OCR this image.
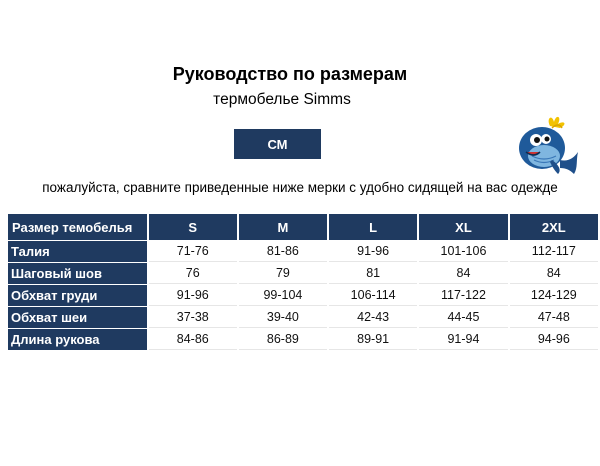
Руководство по размерам
термобелье Simms
СМ
пожалуйста, сравните приведенные ниже мерки с удобно сидящей на вас одежде
Размер темобелья	S	M	L	XL	2XL
Талия	71-76	81-86	91-96	101-106	112-117
Шаговый шов	76	79	81	84	84
Обхват груди	91-96	99-104	106-114	117-122	124-129
Обхват шеи	37-38	39-40	42-43	44-45	47-48
Длина рукова	84-86	86-89	89-91	91-94	94-96
